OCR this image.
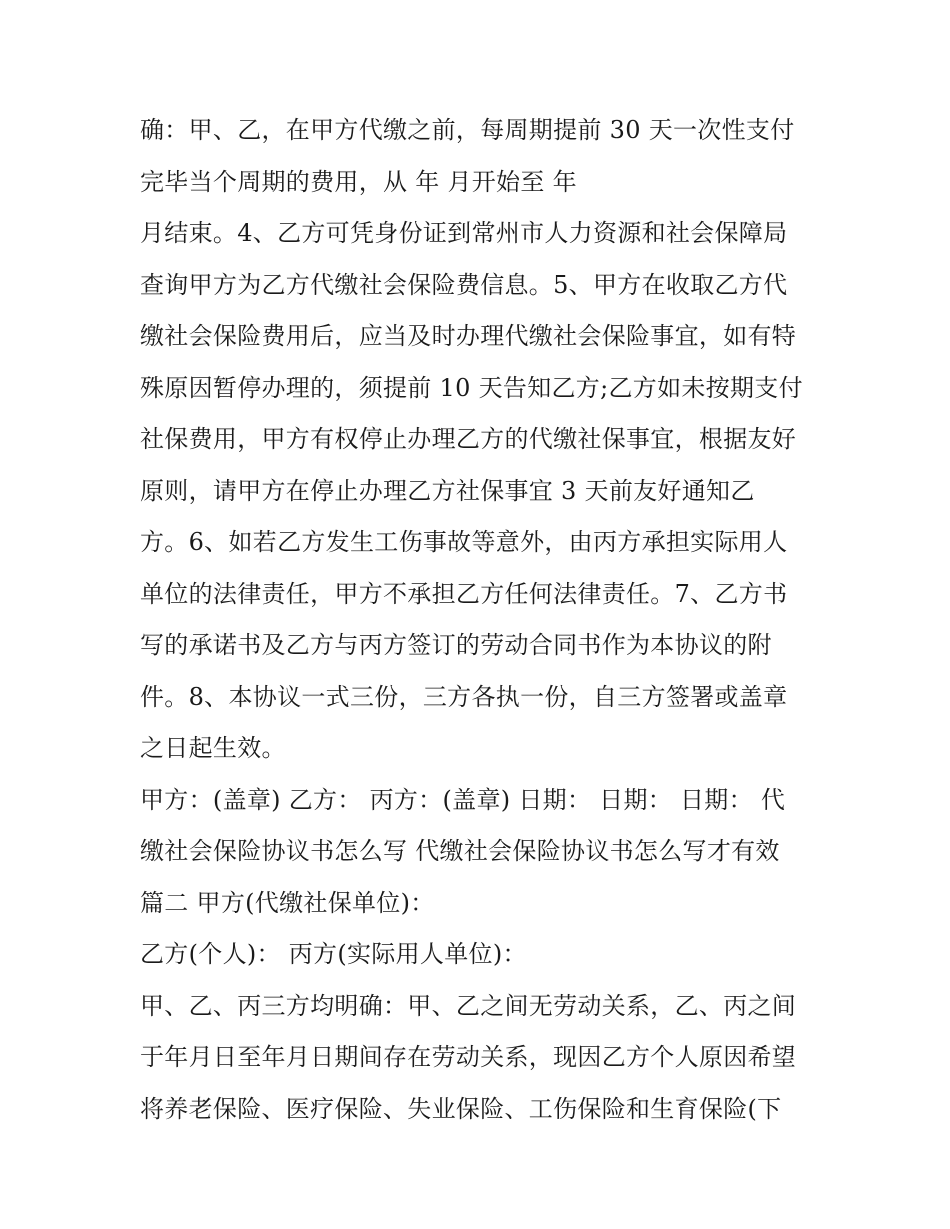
确：甲、乙，在甲方代缴之前，每周期提前 30 天一次性支付
完毕当个周期的费用，从 年 月开始至 年
月结束。4、乙方可凭身份证到常州市人力资源和社会保障局
查询甲方为乙方代缴社会保险费信息。5、甲方在收取乙方代
缴社会保险费用后，应当及时办理代缴社会保险事宜，如有特
殊原因暂停办理的，须提前 10 天告知乙方;乙方如未按期支付
社保费用，甲方有权停止办理乙方的代缴社保事宜，根据友好
原则，请甲方在停止办理乙方社保事宜 3 天前友好通知乙
方。6、如若乙方发生工伤事故等意外，由丙方承担实际用人
单位的法律责任，甲方不承担乙方任何法律责任。7、乙方书
写的承诺书及乙方与丙方签订的劳动合同书作为本协议的附
件。8、本协议一式三份，三方各执一份，自三方签署或盖章
之日起生效。
甲方：(盖章) 乙方： 丙方：(盖章) 日期： 日期： 日期： 代
缴社会保险协议书怎么写 代缴社会保险协议书怎么写才有效
篇二 甲方(代缴社保单位)：
乙方(个人)： 丙方(实际用人单位)：
甲、乙、丙三方均明确：甲、乙之间无劳动关系，乙、丙之间
于年月日至年月日期间存在劳动关系，现因乙方个人原因希望
将养老保险、医疗保险、失业保险、工伤保险和生育保险(下
